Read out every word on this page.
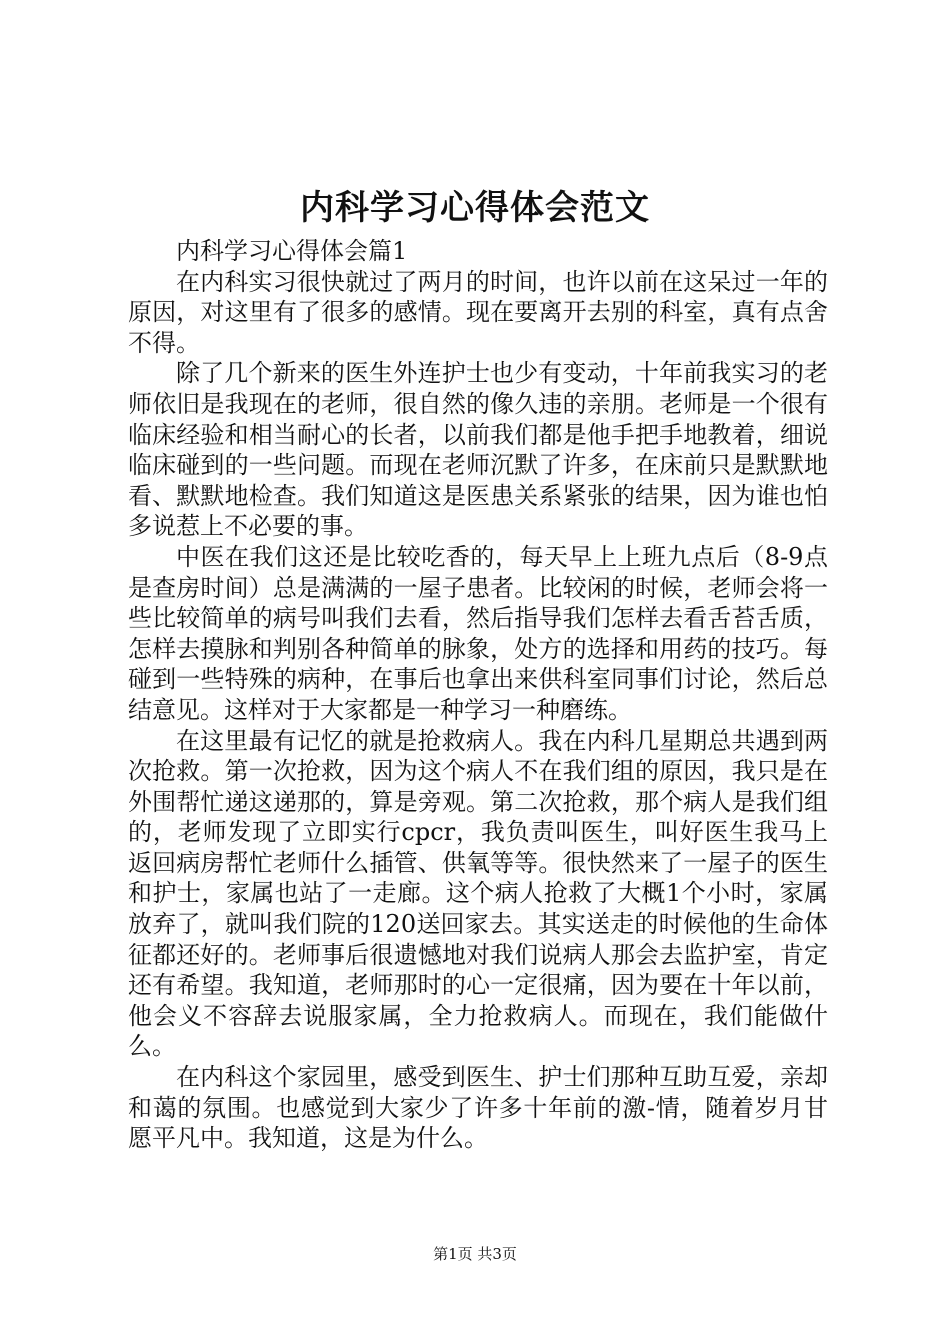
内科学习心得体会范文

内科学习心得体会篇1

在内科实习很快就过了两月的时间，也许以前在这呆过一年的原因，对这里有了很多的感情。现在要离开去别的科室，真有点舍不得。

除了几个新来的医生外连护士也少有变动，十年前我实习的老师依旧是我现在的老师，很自然的像久违的亲朋。老师是一个很有临床经验和相当耐心的长者，以前我们都是他手把手地教着，细说临床碰到的一些问题。而现在老师沉默了许多，在床前只是默默地看、默默地检查。我们知道这是医患关系紧张的结果，因为谁也怕多说惹上不必要的事。

中医在我们这还是比较吃香的，每天早上上班九点后（8-9点是查房时间）总是满满的一屋子患者。比较闲的时候，老师会将一些比较简单的病号叫我们去看，然后指导我们怎样去看舌苔舌质，怎样去摸脉和判别各种简单的脉象，处方的选择和用药的技巧。每碰到一些特殊的病种，在事后也拿出来供科室同事们讨论，然后总结意见。这样对于大家都是一种学习一种磨练。

在这里最有记忆的就是抢救病人。我在内科几星期总共遇到两次抢救。第一次抢救，因为这个病人不在我们组的原因，我只是在外围帮忙递这递那的，算是旁观。第二次抢救，那个病人是我们组的，老师发现了立即实行cpcr，我负责叫医生，叫好医生我马上返回病房帮忙老师什么插管、供氧等等。很快然来了一屋子的医生和护士，家属也站了一走廊。这个病人抢救了大概1个小时，家属放弃了，就叫我们院的120送回家去。其实送走的时候他的生命体征都还好的。老师事后很遗憾地对我们说病人那会去监护室，肯定还有希望。我知道，老师那时的心一定很痛，因为要在十年以前，他会义不容辞去说服家属，全力抢救病人。而现在，我们能做什么。

在内科这个家园里，感受到医生、护士们那种互助互爱，亲却和蔼的氛围。也感觉到大家少了许多十年前的激-情，随着岁月甘愿平凡中。我知道，这是为什么。

第1页 共3页
